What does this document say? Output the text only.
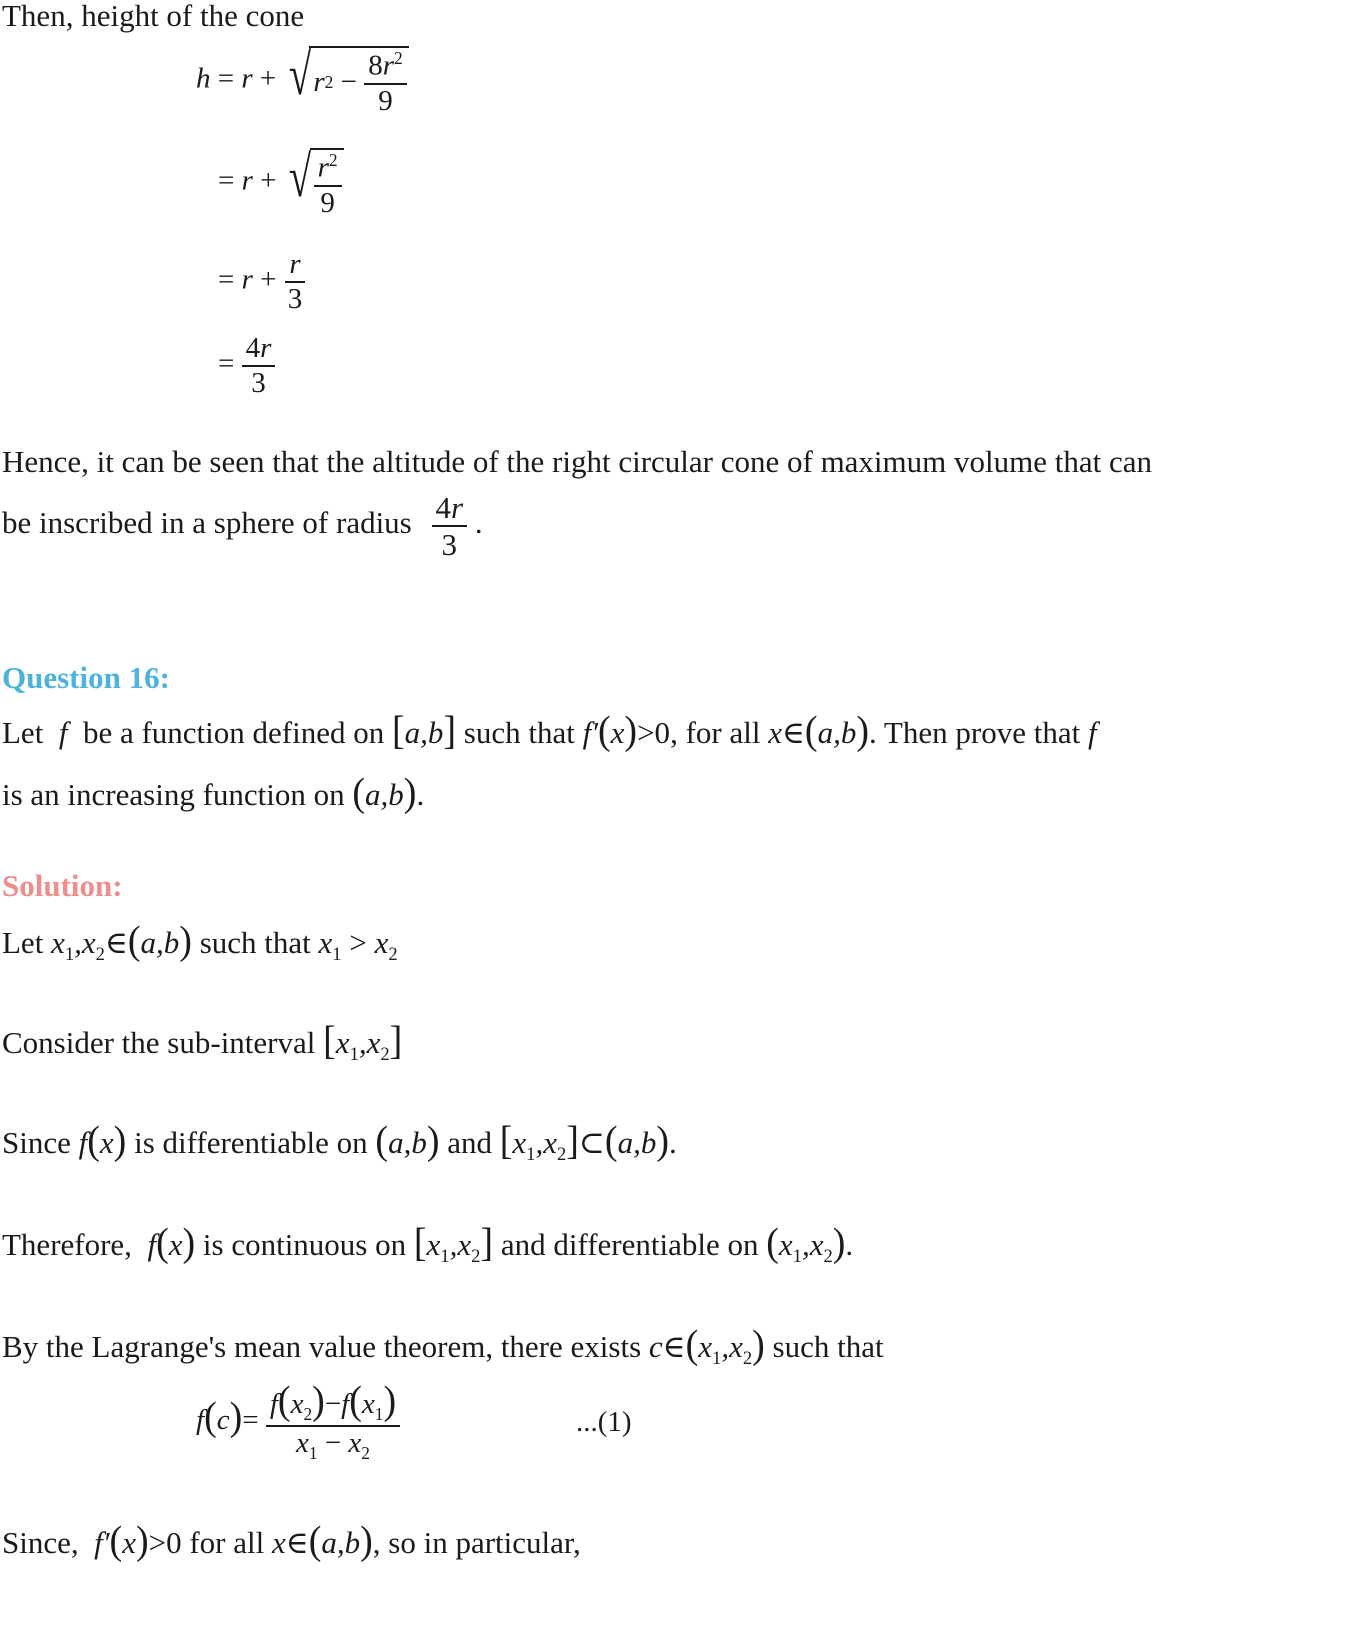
Then, height of the cone
h = r + √ r 2
−
$\frac{8r^2}{9}$
= r + √ $\frac{r^2}{9}$
= $r + \frac{r}{3}$
= $\frac{4r}{3}$
Hence, it can be seen that the altitude of the right circular cone of maximum volume that can
be inscribed in a sphere of radius $\frac{4r}{3}$ .
Question 16:
Let  f  be a function defined on [a,b] such that f′(x)>0, for all x∈(a,b). Then prove that f
is an increasing function on (a,b).
Solution:
Let $x_1,x_2\in(a,b)$ such that $x_1 > x_2$
Consider the sub-interval $[x_1,x_2]$
Since f(x) is differentiable on (a,b) and $[x_1,x_2]\subset(a,b)$.
Therefore,  f(x) is continuous on $[x_1,x_2]$ and differentiable on $(x_1,x_2)$.
By the Lagrange's mean value theorem, there exists $c\in(x_1,x_2)$ such that
$f(c)= \frac{f(x_2)-f(x_1)}{x_1 - x_2}$	...(1)
Since,  f′(x)>0 for all x∈(a,b), so in particular,
